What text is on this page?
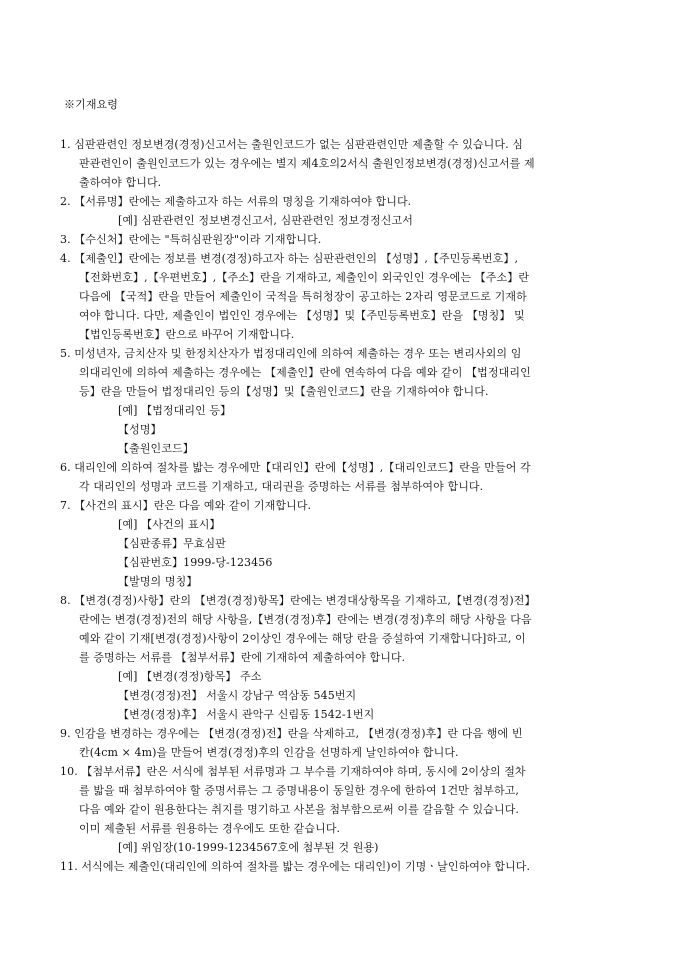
※기재요령

1. 심판관련인 정보변경(경정)신고서는 출원인코드가 없는 심판관련인만 제출할 수 있습니다. 심

판관련인이 출원인코드가 있는 경우에는 별지 제4호의2서식 출원인정보변경(경정)신고서를 제

출하여야 합니다.

2. 【서류명】란에는 제출하고자 하는 서류의 명칭을 기재하여야 합니다.

[예] 심판관련인 정보변경신고서, 심판관련인 정보경정신고서

3. 【수신처】란에는 "특허심판원장"이라 기재합니다.

4. 【제출인】란에는 정보를 변경(경정)하고자 하는 심판관련인의 【성명】,【주민등록번호】,

【전화번호】,【우편번호】,【주소】란을 기재하고, 제출인이 외국인인 경우에는 【주소】란

다음에 【국적】란을 만들어 제출인이 국적을 특허청장이 공고하는 2자리 영문코드로 기재하

여야 합니다. 다만, 제출인이 법인인 경우에는 【성명】및【주민등록번호】란을 【명칭】 및

【법인등록번호】란으로 바꾸어 기재합니다.

5. 미성년자, 금치산자 및 한정치산자가 법정대리인에 의하여 제출하는 경우 또는 변리사외의 임

의대리인에 의하여 제출하는 경우에는 【제출인】란에 연속하여 다음 예와 같이 【법정대리인

등】란을 만들어 법정대리인 등의【성명】및【출원인코드】란을 기재하여야 합니다.

[예] 【법정대리인 등】

【성명】

【출원인코드】

6. 대리인에 의하여 절차를 밟는 경우에만【대리인】란에【성명】,【대리인코드】란을 만들어 각

각 대리인의 성명과 코드를 기재하고, 대리권을 증명하는 서류를 첨부하여야 합니다.

7. 【사건의 표시】란은 다음 예와 같이 기재합니다.

[예] 【사건의 표시】

【심판종류】무효심판

【심판번호】1999-당-123456

【발명의 명칭】

8. 【변경(경정)사항】란의 【변경(경정)항목】란에는 변경대상항목을 기재하고,【변경(경정)전】

란에는 변경(경정)전의 해당 사항을,【변경(경정)후】란에는 변경(경정)후의 해당 사항을 다음

예와 같이 기재[변경(경정)사항이 2이상인 경우에는 해당 란을 증설하여 기재합니다]하고, 이

를 증명하는 서류를 【첨부서류】란에 기재하여 제출하여야 합니다.

[예] 【변경(경정)항목】 주소

【변경(경정)전】 서울시 강남구 역삼동 545번지

【변경(경정)후】 서울시 관악구 신림동 1542-1번지

9. 인감을 변경하는 경우에는 【변경(경정)전】란을 삭제하고, 【변경(경정)후】란 다음 행에 빈

칸(4cm × 4m)을 만들어 변경(경정)후의 인감을 선명하게 날인하여야 합니다.

10. 【첨부서류】란은 서식에 첨부된 서류명과 그 부수를 기재하여야 하며, 동시에 2이상의 절차

를 밟을 때 첨부하여야 할 증명서류는 그 증명내용이 동일한 경우에 한하여 1건만 첨부하고,

다음 예와 같이 원용한다는 취지를 명기하고 사본을 첨부함으로써 이를 갈음할 수 있습니다.

이미 제출된 서류를 원용하는 경우에도 또한 같습니다.

[예] 위임장(10-1999-1234567호에 첨부된 것 원용)

11. 서식에는 제출인(대리인에 의하여 절차를 밟는 경우에는 대리인)이 기명ㆍ날인하여야 합니다.
